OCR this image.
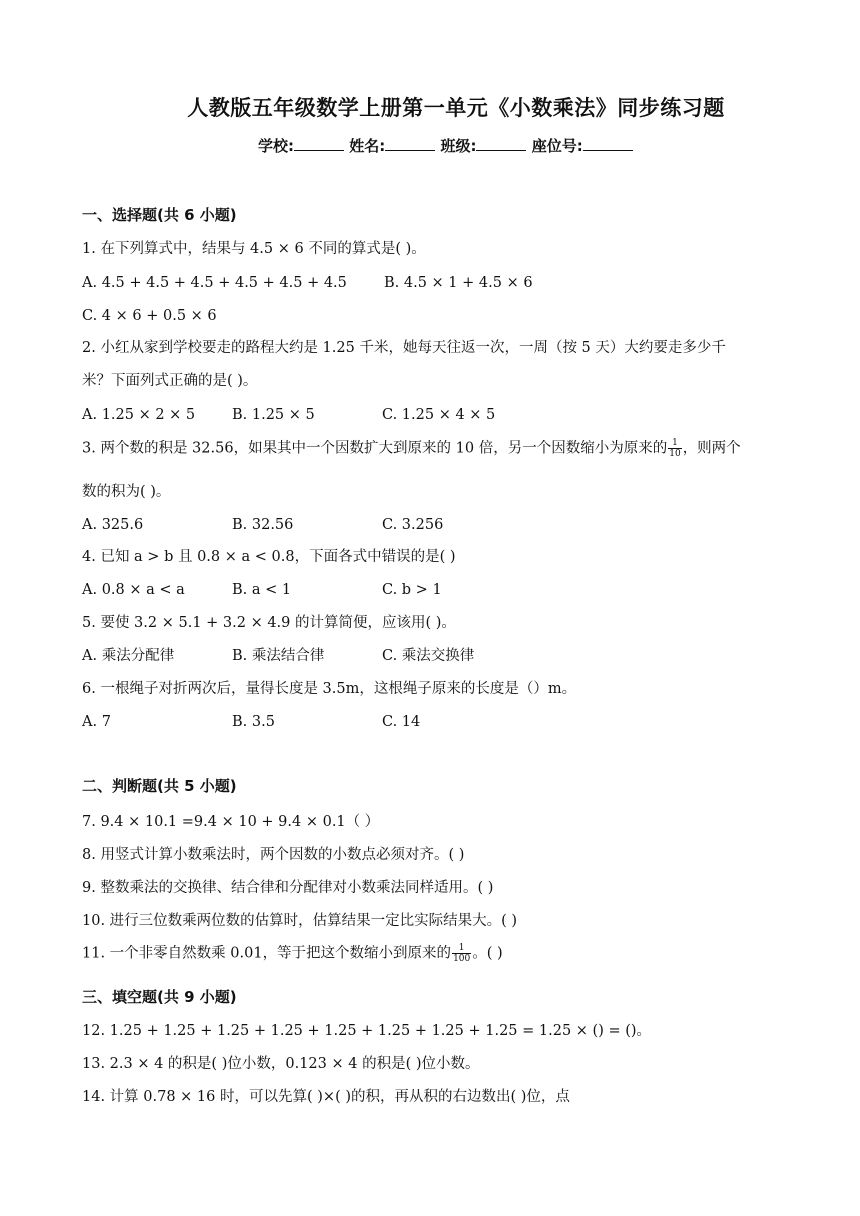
人教版五年级数学上册第一单元《小数乘法》同步练习题
学校:	姓名:	班级:	座位号:
一、选择题(共 6 小题)
1. 在下列算式中，结果与 4.5 × 6 不同的算式是( )。
A. 4.5 + 4.5 + 4.5 + 4.5 + 4.5 + 4.5	B. 4.5 × 1 + 4.5 × 6
C. 4 × 6 + 0.5 × 6
2. 小红从家到学校要走的路程大约是 1.25 千米，她每天往返一次，一周（按 5 天）大约要走多少千
米？下面列式正确的是( )。
A. 1.25 × 2 × 5	B. 1.25 × 5	C. 1.25 × 4 × 5
3. 两个数的积是 32.56，如果其中一个因数扩大到原来的 10 倍，另一个因数缩小为原来的 $\frac{1}{10}$ ，则两个
数的积为( )。
A. 325.6	B. 32.56	C. 3.256
4. 已知 a > b 且 0.8 × a < 0.8，下面各式中错误的是( )
A. 0.8 × a < a	B. a < 1	C. b > 1
5. 要使 3.2 × 5.1 + 3.2 × 4.9 的计算简便，应该用( )。
A. 乘法分配律	B. 乘法结合律	C. 乘法交换律
6. 一根绳子对折两次后，量得长度是 3.5m，这根绳子原来的长度是（）m。
A. 7	B. 3.5	C. 14
二、判断题(共 5 小题)
7. 9.4 × 10.1 =9.4 × 10 + 9.4 × 0.1（ ）
8. 用竖式计算小数乘法时，两个因数的小数点必须对齐。( )
9. 整数乘法的交换律、结合律和分配律对小数乘法同样适用。( )
10. 进行三位数乘两位数的估算时，估算结果一定比实际结果大。( )
11. 一个非零自然数乘 0.01，等于把这个数缩小到原来的 $\frac{1}{100}$ 。( )
三、填空题(共 9 小题)
12. 1.25 + 1.25 + 1.25 + 1.25 + 1.25 + 1.25 + 1.25 + 1.25 = 1.25 × () = ()。
13. 2.3 × 4 的积是( )位小数，0.123 × 4 的积是( )位小数。
14. 计算 0.78 × 16 时，可以先算( )×( )的积，再从积的右边数出( )位，点
